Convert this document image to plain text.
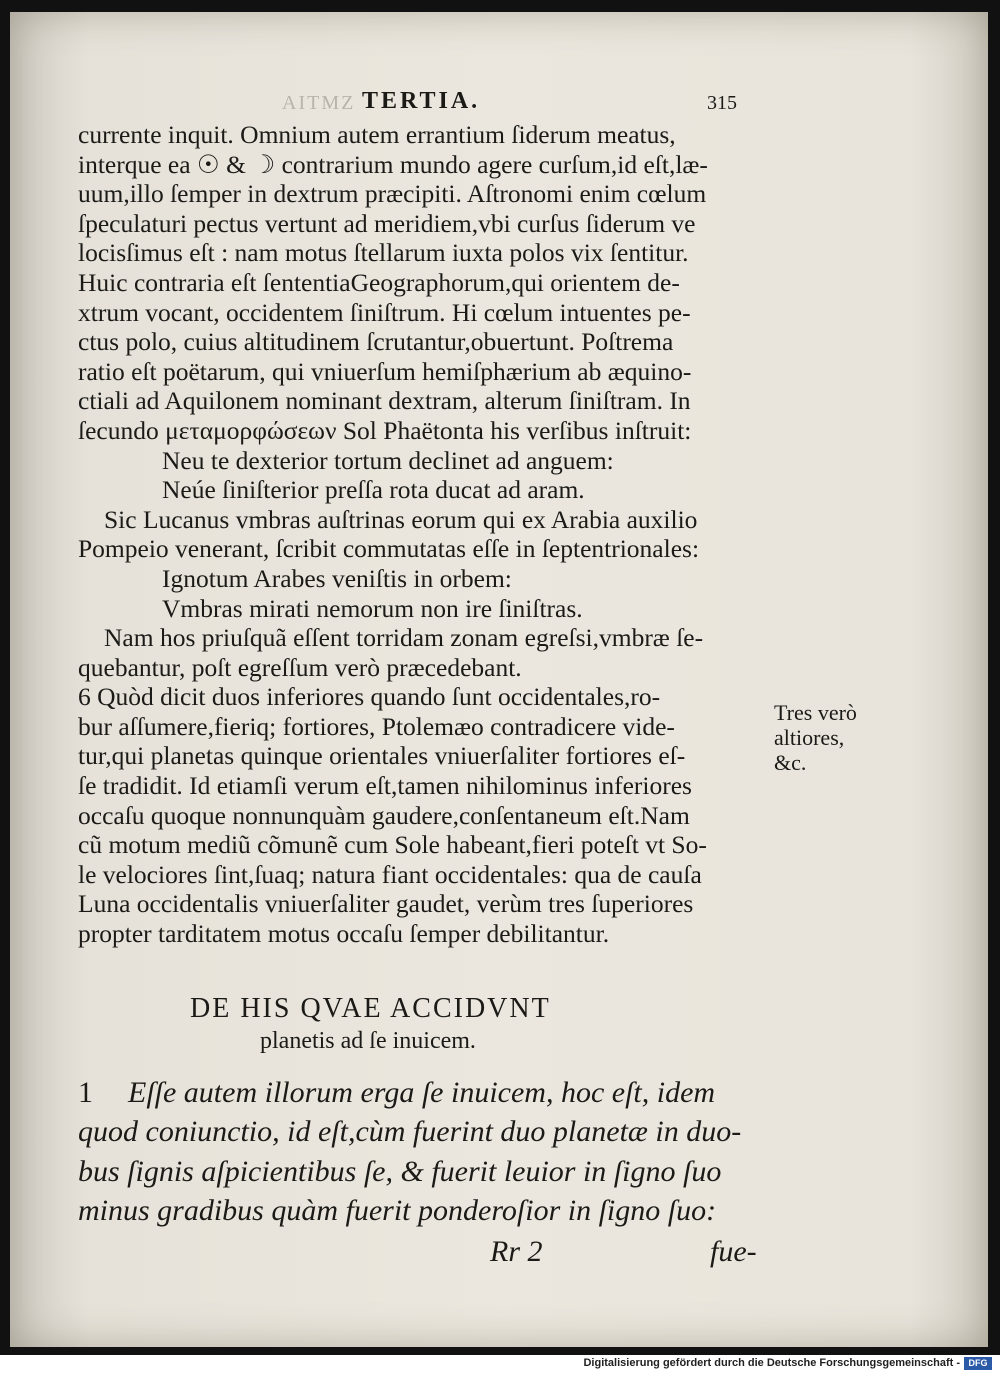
AITMZ TERTIA.	315
currente inquit. Omnium autem errantium ſiderum meatus,
interque ea ☉ & ☽ contrarium mundo agere curſum,id eſt,læ-
uum,illo ſemper in dextrum præcipiti. Aſtronomi enim cœlum
ſpeculaturi pectus vertunt ad meridiem,vbi curſus ſiderum ve
locisſimus eſt : nam motus ſtellarum iuxta polos vix ſentitur.
Huic contraria eſt ſententiaGeographorum,qui orientem de-
xtrum vocant, occidentem ſiniſtrum. Hi cœlum intuentes pe-
ctus polo, cuius altitudinem ſcrutantur,obuertunt. Poſtrema
ratio eſt poëtarum, qui vniuerſum hemiſphærium ab æquino-
ctiali ad Aquilonem nominant dextram, alterum ſiniſtram. In
ſecundo μεταμορφώσεων Sol Phaëtonta his verſibus inſtruit:
Neu te dexterior tortum declinet ad anguem:
Neúe ſiniſterior preſſa rota ducat ad aram.
Sic Lucanus vmbras auſtrinas eorum qui ex Arabia auxilio
Pompeio venerant, ſcribit commutatas eſſe in ſeptentrionales:
Ignotum Arabes veniſtis in orbem:
Vmbras mirati nemorum non ire ſiniſtras.
Nam hos priuſquã eſſent torridam zonam egreſsi,vmbræ ſe-
quebantur, poſt egreſſum verò præcedebant.
6 Quòd dicit duos inferiores quando ſunt occidentales,ro-
bur aſſumere,fieriq; fortiores, Ptolemæo contradicere vide-
tur,qui planetas quinque orientales vniuerſaliter fortiores eſ-
ſe tradidit. Id etiamſi verum eſt,tamen nihilominus inferiores
occaſu quoque nonnunquàm gaudere,conſentaneum eſt.Nam
cũ motum mediũ cõmunẽ cum Sole habeant,fieri poteſt vt So-
le velociores ſint,ſuaq; natura fiant occidentales: qua de cauſa
Luna occidentalis vniuerſaliter gaudet, verùm tres ſuperiores
propter tarditatem motus occaſu ſemper debilitantur.
DE HIS QVAE ACCIDVNT
planetis ad ſe inuicem.
1 Eſſe autem illorum erga ſe inuicem, hoc eſt, idem
quod coniunctio, id eſt,cùm fuerint duo planetæ in duo-
bus ſignis aſpicientibus ſe, & fuerit leuior in ſigno ſuo
minus gradibus quàm fuerit ponderoſior in ſigno ſuo:
Rr 2	fue-
Tres verò
altiores,
&c.
Digitalisierung gefördert durch die Deutsche Forschungsgemeinschaft - DFG
